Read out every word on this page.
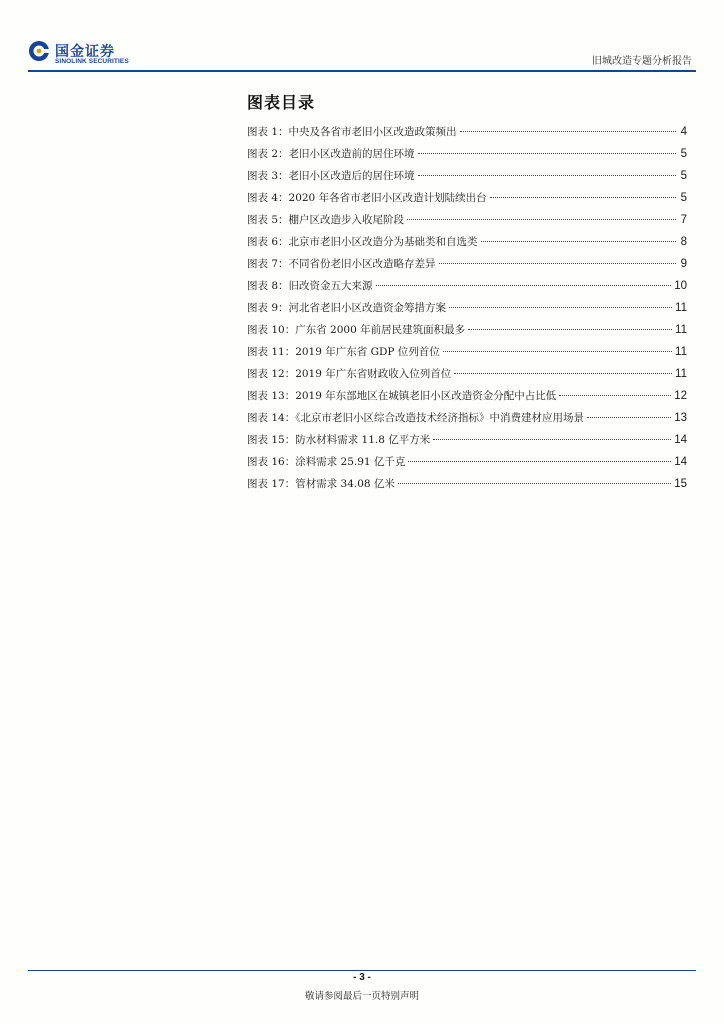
国金证券
SINOLINK SECURITIES	旧城改造专题分析报告
图表目录
图表 1：中央及各省市老旧小区改造政策频出	4
图表 2：老旧小区改造前的居住环境	5
图表 3：老旧小区改造后的居住环境	5
图表 4：2020 年各省市老旧小区改造计划陆续出台	5
图表 5：棚户区改造步入收尾阶段	7
图表 6：北京市老旧小区改造分为基础类和自选类	8
图表 7：不同省份老旧小区改造略存差异	9
图表 8：旧改资金五大来源	10
图表 9：河北省老旧小区改造资金筹措方案	11
图表 10：广东省 2000 年前居民建筑面积最多	11
图表 11：2019 年广东省 GDP 位列首位	11
图表 12：2019 年广东省财政收入位列首位	11
图表 13：2019 年东部地区在城镇老旧小区改造资金分配中占比低	12
图表 14：《北京市老旧小区综合改造技术经济指标》中消费建材应用场景	13
图表 15：防水材料需求 11.8 亿平方米	14
图表 16：涂料需求 25.91 亿千克	14
图表 17：管材需求 34.08 亿米	15
- 3 -
敬请参阅最后一页特别声明
